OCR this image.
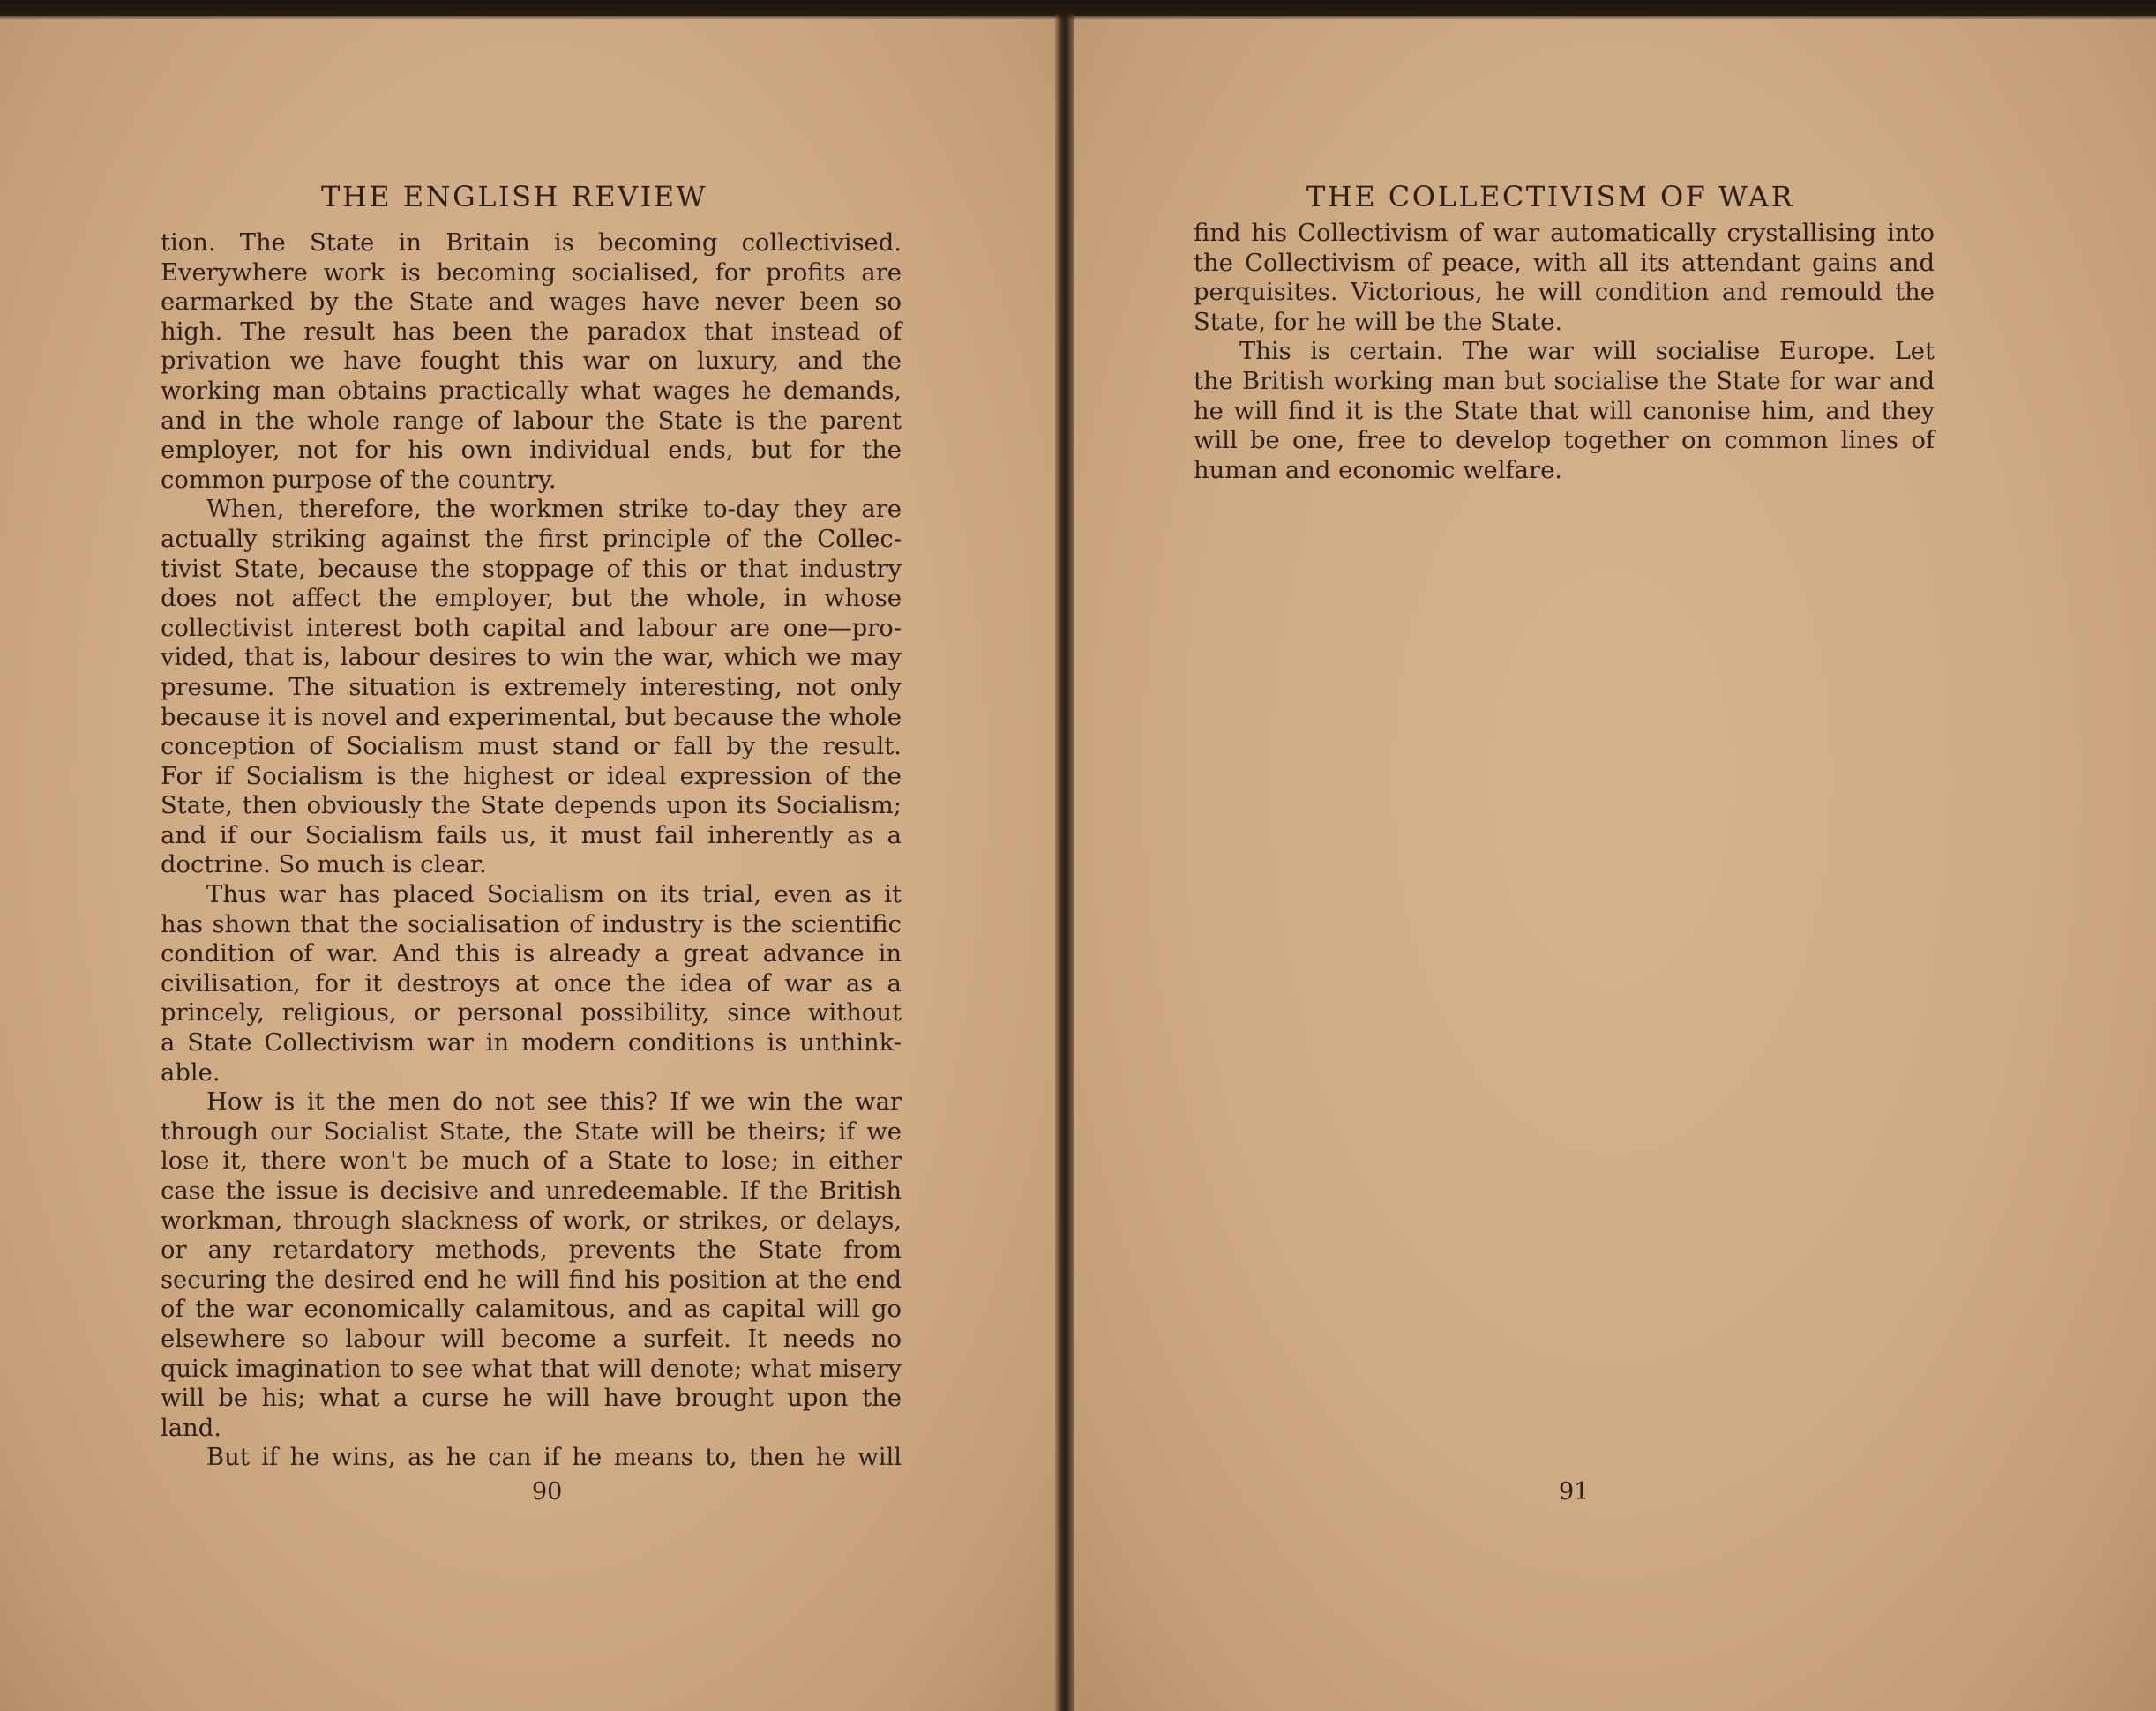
THE ENGLISH REVIEW
tion. The State in Britain is becoming collectivised.
Everywhere work is becoming socialised, for profits are
earmarked by the State and wages have never been so
high. The result has been the paradox that instead of
privation we have fought this war on luxury, and the
working man obtains practically what wages he demands,
and in the whole range of labour the State is the parent
employer, not for his own individual ends, but for the
common purpose of the country.
When, therefore, the workmen strike to-day they are
actually striking against the first principle of the Collec-
tivist State, because the stoppage of this or that industry
does not affect the employer, but the whole, in whose
collectivist interest both capital and labour are one—pro-
vided, that is, labour desires to win the war, which we may
presume. The situation is extremely interesting, not only
because it is novel and experimental, but because the whole
conception of Socialism must stand or fall by the result.
For if Socialism is the highest or ideal expression of the
State, then obviously the State depends upon its Socialism;
and if our Socialism fails us, it must fail inherently as a
doctrine. So much is clear.
Thus war has placed Socialism on its trial, even as it
has shown that the socialisation of industry is the scientific
condition of war. And this is already a great advance in
civilisation, for it destroys at once the idea of war as a
princely, religious, or personal possibility, since without
a State Collectivism war in modern conditions is unthink-
able.
How is it the men do not see this? If we win the war
through our Socialist State, the State will be theirs; if we
lose it, there won't be much of a State to lose; in either
case the issue is decisive and unredeemable. If the British
workman, through slackness of work, or strikes, or delays,
or any retardatory methods, prevents the State from
securing the desired end he will find his position at the end
of the war economically calamitous, and as capital will go
elsewhere so labour will become a surfeit. It needs no
quick imagination to see what that will denote; what misery
will be his; what a curse he will have brought upon the
land.
But if he wins, as he can if he means to, then he will
90
THE COLLECTIVISM OF WAR
find his Collectivism of war automatically crystallising into
the Collectivism of peace, with all its attendant gains and
perquisites. Victorious, he will condition and remould the
State, for he will be the State.
This is certain. The war will socialise Europe. Let
the British working man but socialise the State for war and
he will find it is the State that will canonise him, and they
will be one, free to develop together on common lines of
human and economic welfare.
91
